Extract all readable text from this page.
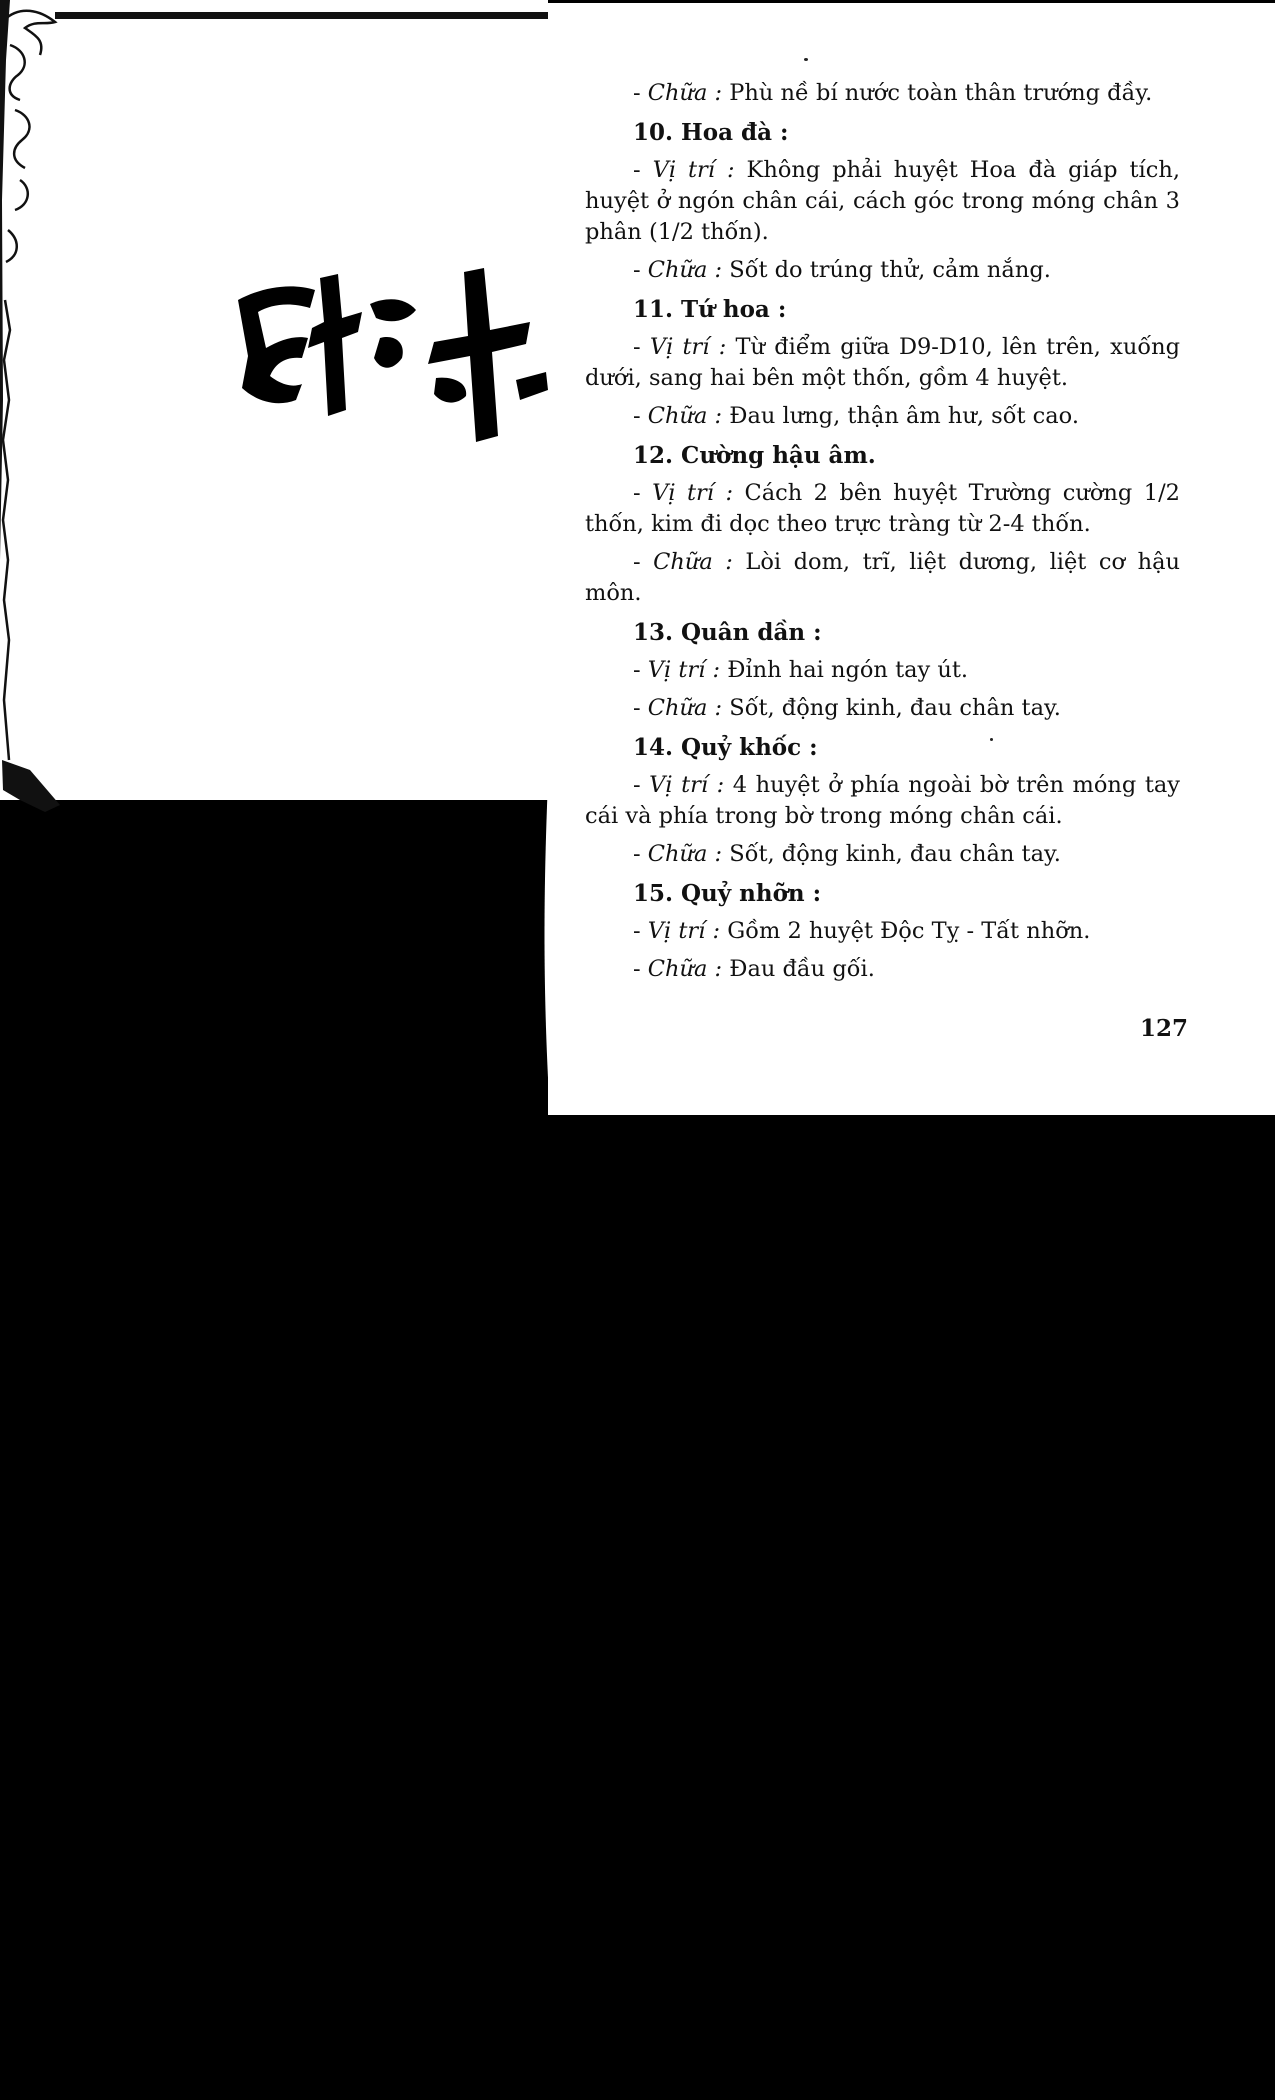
- Chữa : Phù nề bí nước toàn thân trướng đầy.

10. Hoa đà :

- Vị trí : Không phải huyệt Hoa đà giáp tích, huyệt ở ngón chân cái, cách góc trong móng chân 3 phân (1/2 thốn).

- Chữa : Sốt do trúng thử, cảm nắng.

11. Tứ hoa :

- Vị trí : Từ điểm giữa D9-D10, lên trên, xuống dưới, sang hai bên một thốn, gồm 4 huyệt.

- Chữa : Đau lưng, thận âm hư, sốt cao.

12. Cường hậu âm.

- Vị trí : Cách 2 bên huyệt Trường cường 1/2 thốn, kim đi dọc theo trực tràng từ 2-4 thốn.

- Chữa : Lòi dom, trĩ, liệt dương, liệt cơ hậu môn.

13. Quân dần :

- Vị trí : Đỉnh hai ngón tay út.

- Chữa : Sốt, động kinh, đau chân tay.

14. Quỷ khốc :

- Vị trí : 4 huyệt ở phía ngoài bờ trên móng tay cái và phía trong bờ trong móng chân cái.

- Chữa : Sốt, động kinh, đau chân tay.

15. Quỷ nhỡn :

- Vị trí : Gồm 2 huyệt Độc Tỵ - Tất nhỡn.

- Chữa : Đau đầu gối.

127
